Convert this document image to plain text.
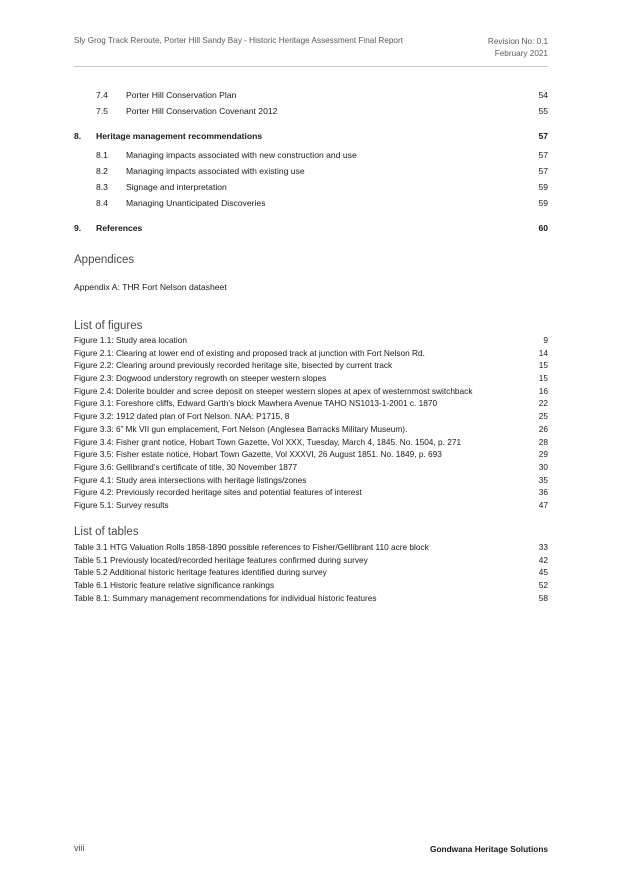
Sly Grog Track Reroute, Porter Hill Sandy Bay - Historic Heritage Assessment Final Report	Revision No: 0.1
February 2021
7.4 Porter Hill Conservation Plan	54
7.5 Porter Hill Conservation Covenant 2012	55
8. Heritage management recommendations	57
8.1 Managing impacts associated with new construction and use	57
8.2 Managing impacts associated with existing use	57
8.3 Signage and interpretation	59
8.4 Managing Unanticipated Discoveries	59
9. References	60
Appendices
Appendix A: THR Fort Nelson datasheet
List of figures
Figure 1.1: Study area location	9
Figure 2.1: Clearing at lower end of existing and proposed track at junction with Fort Nelson Rd.	14
Figure 2.2: Clearing around previously recorded heritage site, bisected by current track	15
Figure 2.3: Dogwood understory regrowth on steeper western slopes	15
Figure 2.4: Dolerite boulder and scree deposit on steeper western slopes at apex of westernmost switchback	16
Figure 3.1: Foreshore cliffs, Edward Garth’s block Mawhera Avenue TAHO NS1013-1-2001 c. 1870	22
Figure 3.2: 1912 dated plan of Fort Nelson. NAA: P1715, 8	25
Figure 3.3: 6” Mk VII gun emplacement, Fort Nelson (Anglesea Barracks Military Museum).	26
Figure 3.4: Fisher grant notice, Hobart Town Gazette, Vol XXX, Tuesday, March 4, 1845. No. 1504, p. 271	28
Figure 3.5: Fisher estate notice, Hobart Town Gazette, Vol XXXVI, 26 August 1851. No. 1849, p. 693	29
Figure 3.6: Gellibrand’s certificate of title, 30 November 1877	30
Figure 4.1: Study area intersections with heritage listings/zones	35
Figure 4.2: Previously recorded heritage sites and potential features of interest	36
Figure 5.1: Survey results	47
List of tables
Table 3.1 HTG Valuation Rolls 1858-1890 possible references to Fisher/Gellibrant 110 acre block	33
Table 5.1 Previously located/recorded heritage features confirmed during survey	42
Table 5.2 Additional historic heritage features identified during survey	45
Table 6.1 Historic feature relative significance rankings	52
Table 8.1: Summary management recommendations for individual historic features	58
viii	Gondwana Heritage Solutions
